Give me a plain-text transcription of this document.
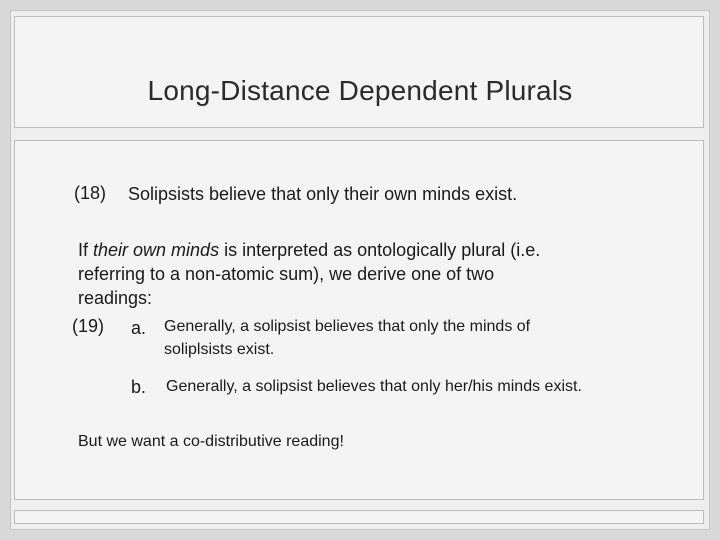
Long-Distance Dependent Plurals
(18) Solipsists believe that only their own minds exist.
If their own minds is interpreted as ontologically plural (i.e.
referring to a non-atomic sum), we derive one of two
readings:
(19) a. Generally, a solipsist believes that only the minds of
soliplsists exist.
b. Generally, a solipsist believes that only her/his minds exist.
But we want a co-distributive reading!
